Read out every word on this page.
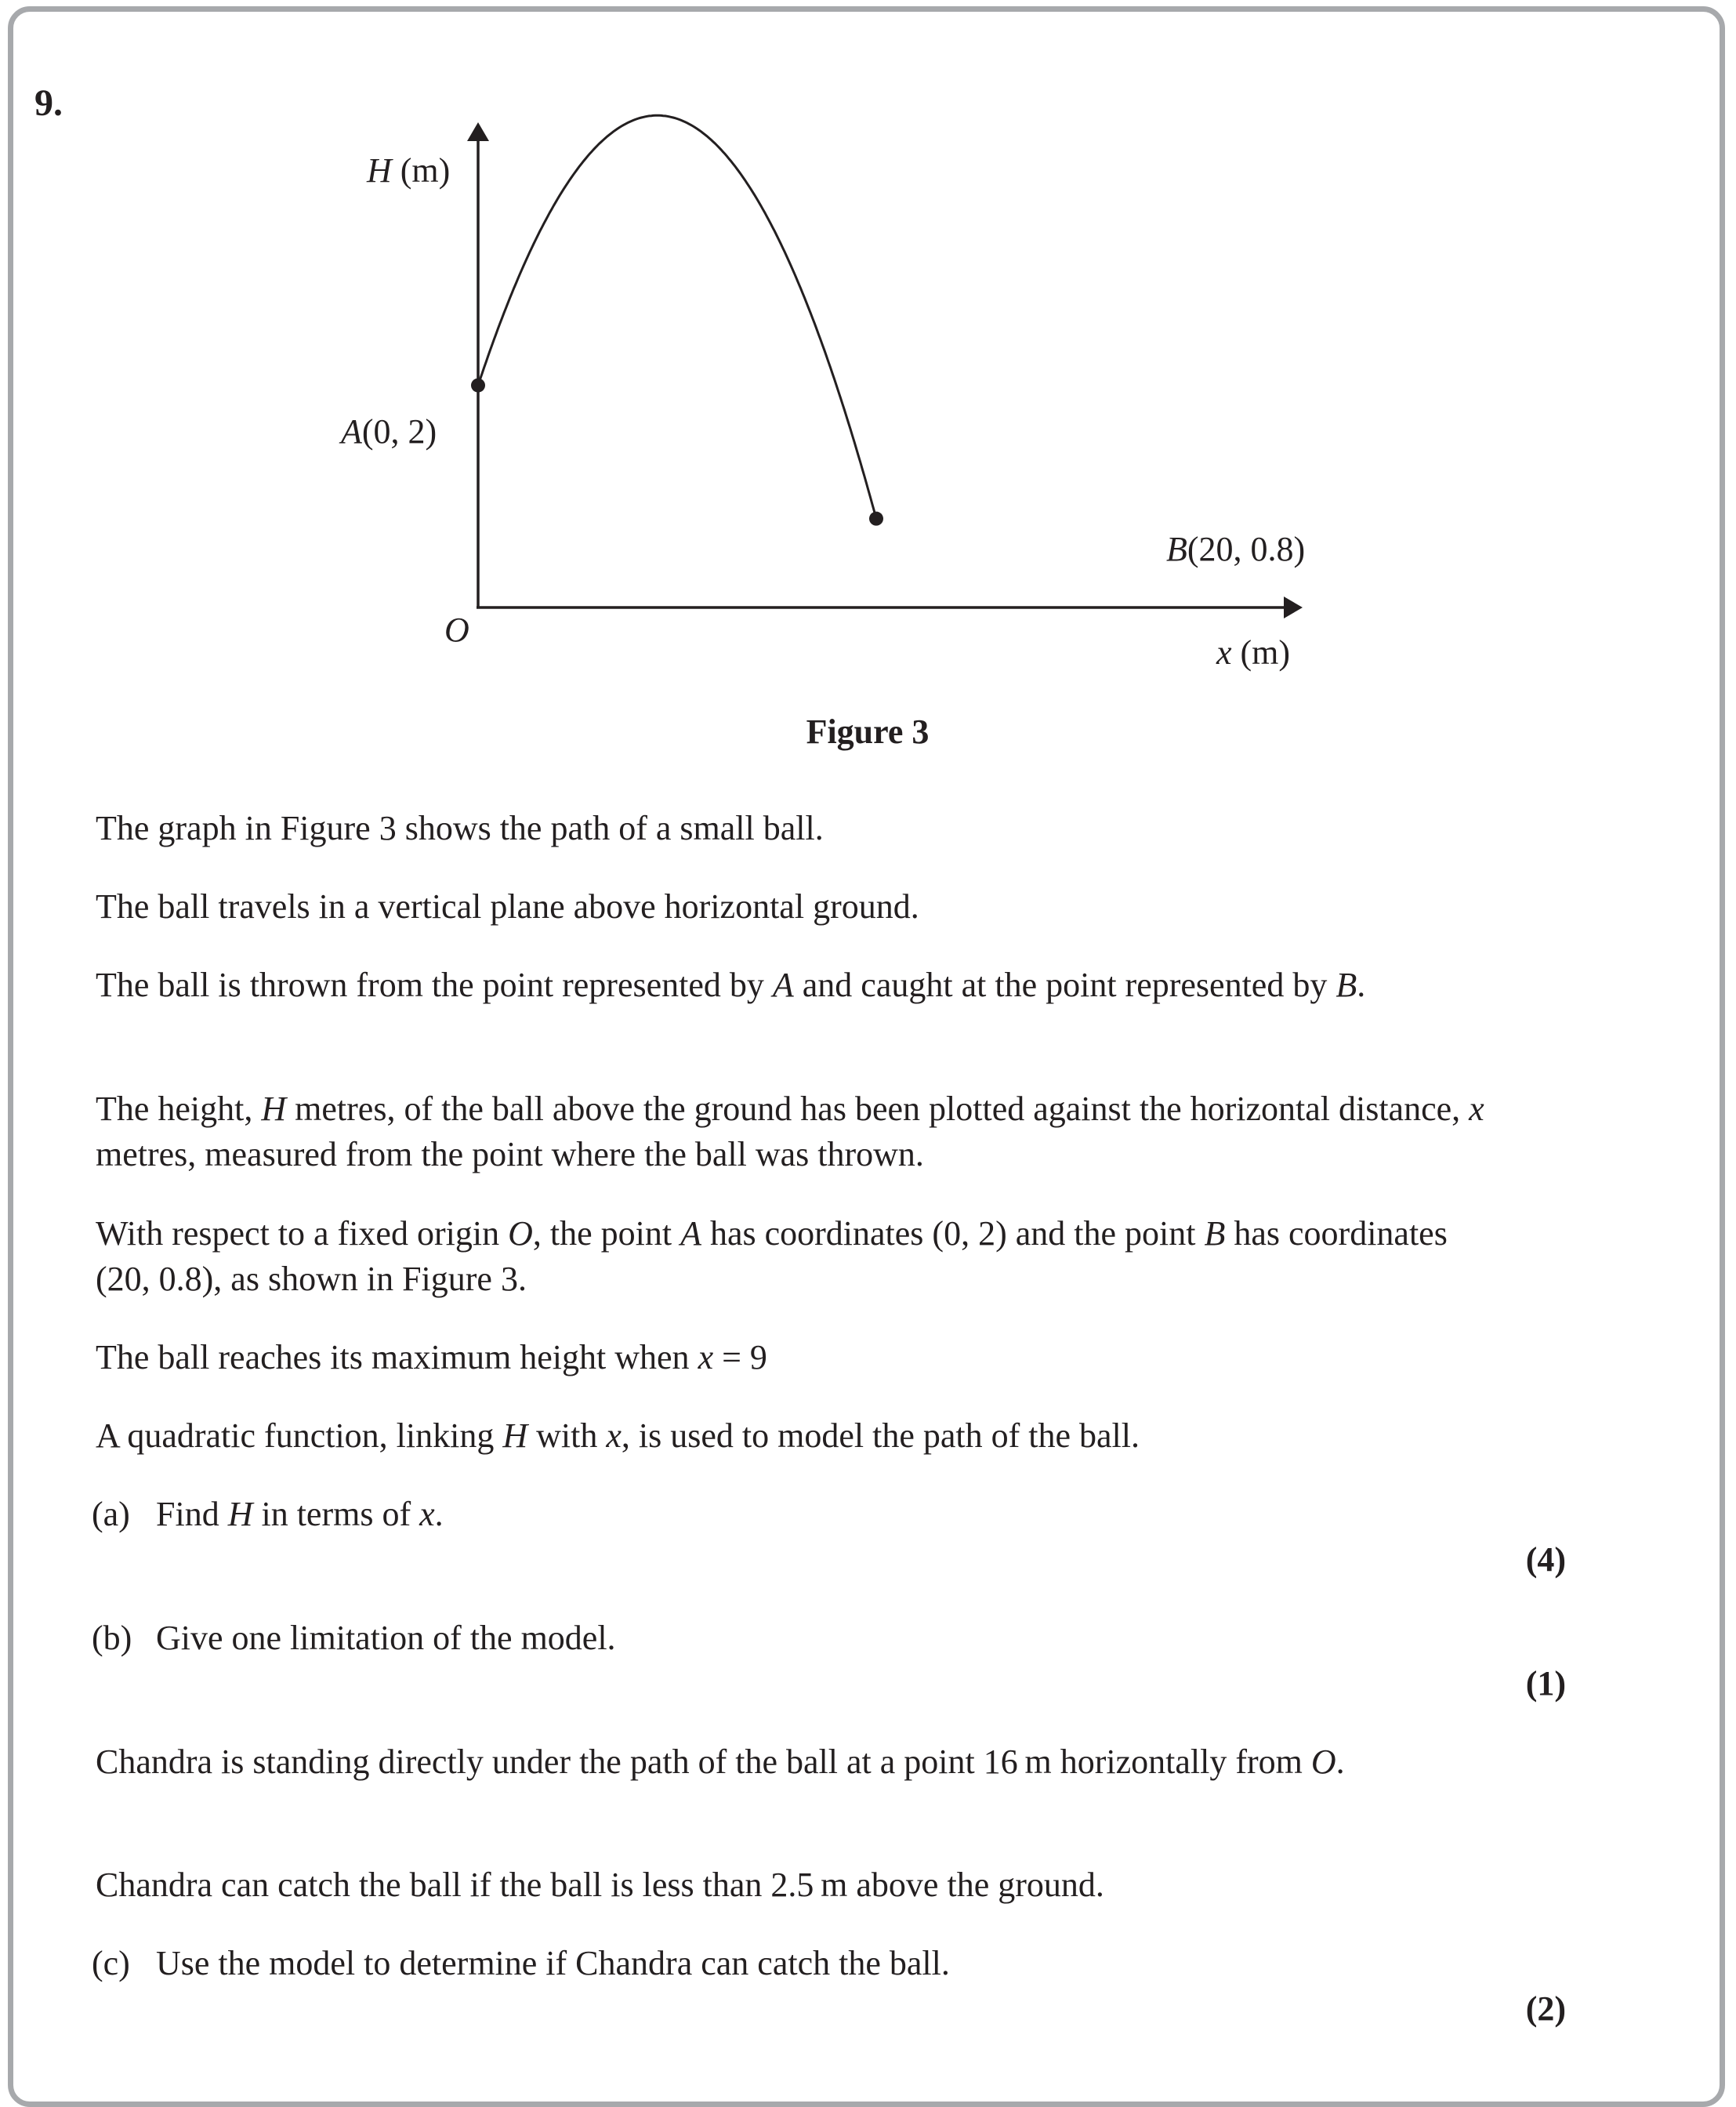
9.
H (m)
A(0, 2)
B(20, 0.8)
O
x (m)
Figure 3

The graph in Figure 3 shows the path of a small ball.

The ball travels in a vertical plane above horizontal ground.

The ball is thrown from the point represented by A and caught at the point represented by B.

The height, H metres, of the ball above the ground has been plotted against the horizontal distance, x metres, measured from the point where the ball was thrown.

With respect to a fixed origin O, the point A has coordinates (0, 2) and the point B has coordinates (20, 0.8), as shown in Figure 3.

The ball reaches its maximum height when x = 9

A quadratic function, linking H with x, is used to model the path of the ball.

(a) Find H in terms of x.

(4)

(b) Give one limitation of the model.

(1)

Chandra is standing directly under the path of the ball at a point 16 m horizontally from O.

Chandra can catch the ball if the ball is less than 2.5 m above the ground.

(c) Use the model to determine if Chandra can catch the ball.

(2)
